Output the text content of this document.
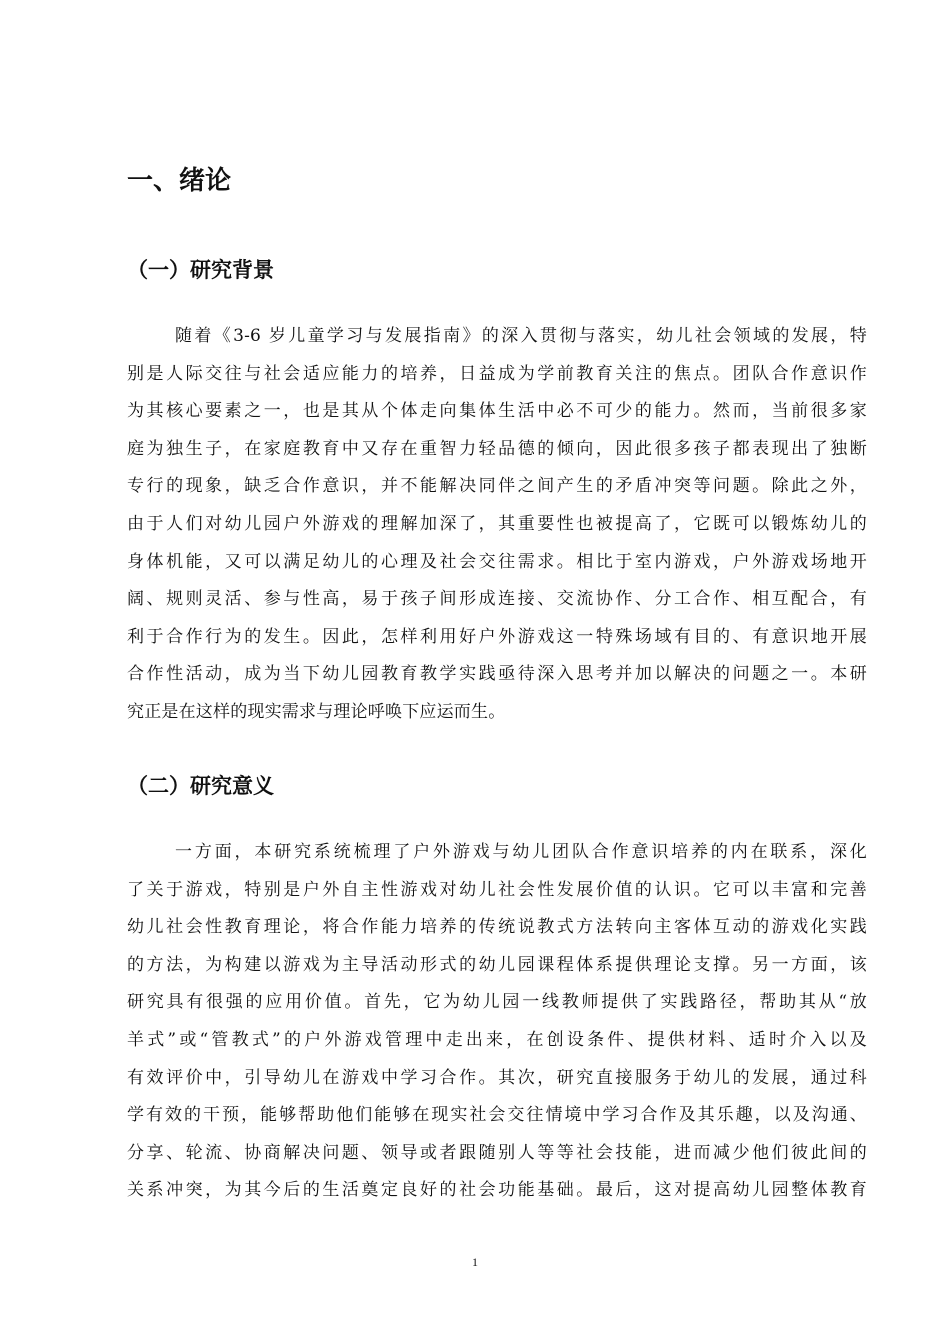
一、绪论
（一）研究背景
随着《3-6 岁儿童学习与发展指南》的深入贯彻与落实，幼儿社会领域的发展，特
别是人际交往与社会适应能力的培养，日益成为学前教育关注的焦点。团队合作意识作
为其核心要素之一，也是其从个体走向集体生活中必不可少的能力。然而，当前很多家
庭为独生子，在家庭教育中又存在重智力轻品德的倾向，因此很多孩子都表现出了独断
专行的现象，缺乏合作意识，并不能解决同伴之间产生的矛盾冲突等问题。除此之外，
由于人们对幼儿园户外游戏的理解加深了，其重要性也被提高了，它既可以锻炼幼儿的
身体机能，又可以满足幼儿的心理及社会交往需求。相比于室内游戏，户外游戏场地开
阔、规则灵活、参与性高，易于孩子间形成连接、交流协作、分工合作、相互配合，有
利于合作行为的发生。因此，怎样利用好户外游戏这一特殊场域有目的、有意识地开展
合作性活动，成为当下幼儿园教育教学实践亟待深入思考并加以解决的问题之一。本研
究正是在这样的现实需求与理论呼唤下应运而生。
（二）研究意义
一方面，本研究系统梳理了户外游戏与幼儿团队合作意识培养的内在联系，深化
了关于游戏，特别是户外自主性游戏对幼儿社会性发展价值的认识。它可以丰富和完善
幼儿社会性教育理论，将合作能力培养的传统说教式方法转向主客体互动的游戏化实践
的方法，为构建以游戏为主导活动形式的幼儿园课程体系提供理论支撑。另一方面，该
研究具有很强的应用价值。首先，它为幼儿园一线教师提供了实践路径，帮助其从“放
羊式”或“管教式”的户外游戏管理中走出来，在创设条件、提供材料、适时介入以及
有效评价中，引导幼儿在游戏中学习合作。其次，研究直接服务于幼儿的发展，通过科
学有效的干预，能够帮助他们能够在现实社会交往情境中学习合作及其乐趣，以及沟通、
分享、轮流、协商解决问题、领导或者跟随别人等等社会技能，进而减少他们彼此间的
关系冲突，为其今后的生活奠定良好的社会功能基础。最后，这对提高幼儿园整体教育
1
